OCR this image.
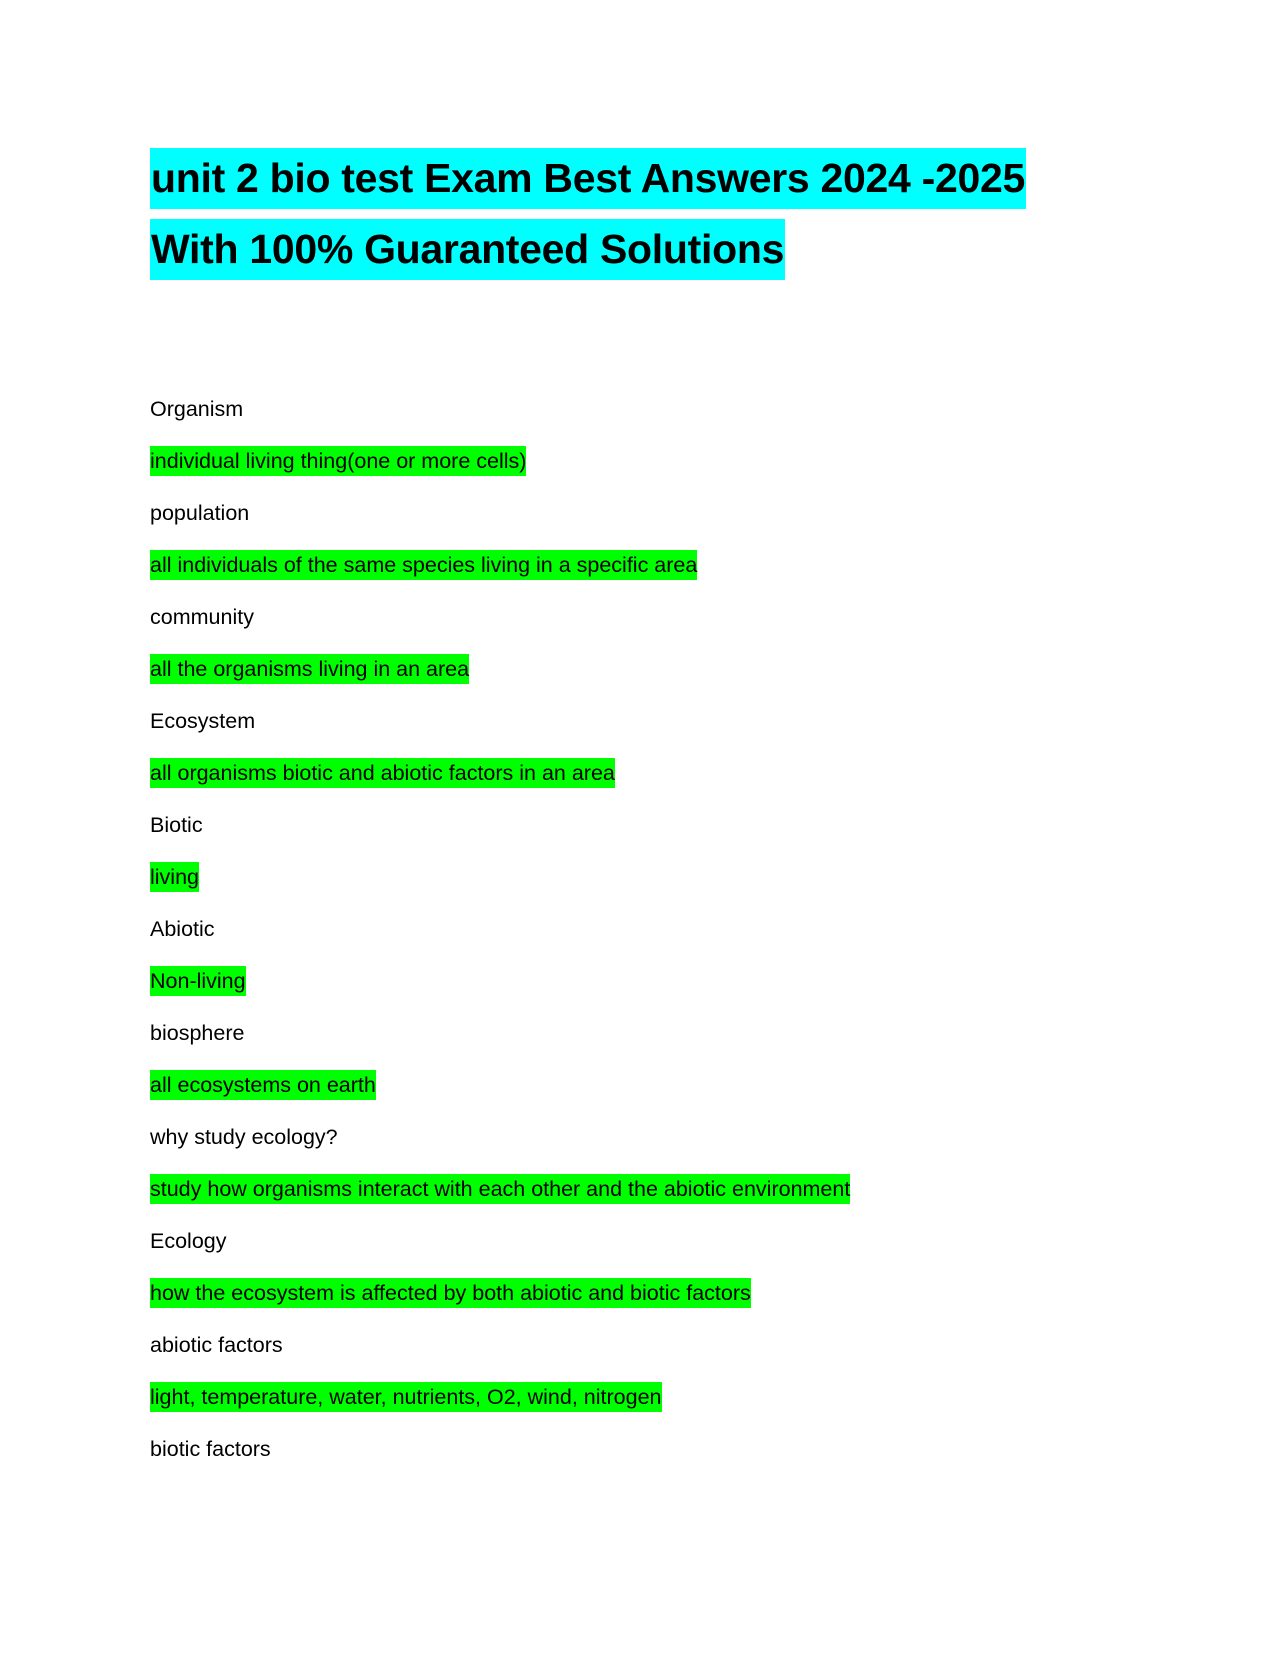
unit 2 bio test Exam Best Answers 2024 -2025
With 100% Guaranteed Solutions
Organism
individual living thing(one or more cells)
population
all individuals of the same species living in a specific area
community
all the organisms living in an area
Ecosystem
all organisms biotic and abiotic factors in an area
Biotic
living
Abiotic
Non-living
biosphere
all ecosystems on earth
why study ecology?
study how organisms interact with each other and the abiotic environment
Ecology
how the ecosystem is affected by both abiotic and biotic factors
abiotic factors
light, temperature, water, nutrients, O2, wind, nitrogen
biotic factors
